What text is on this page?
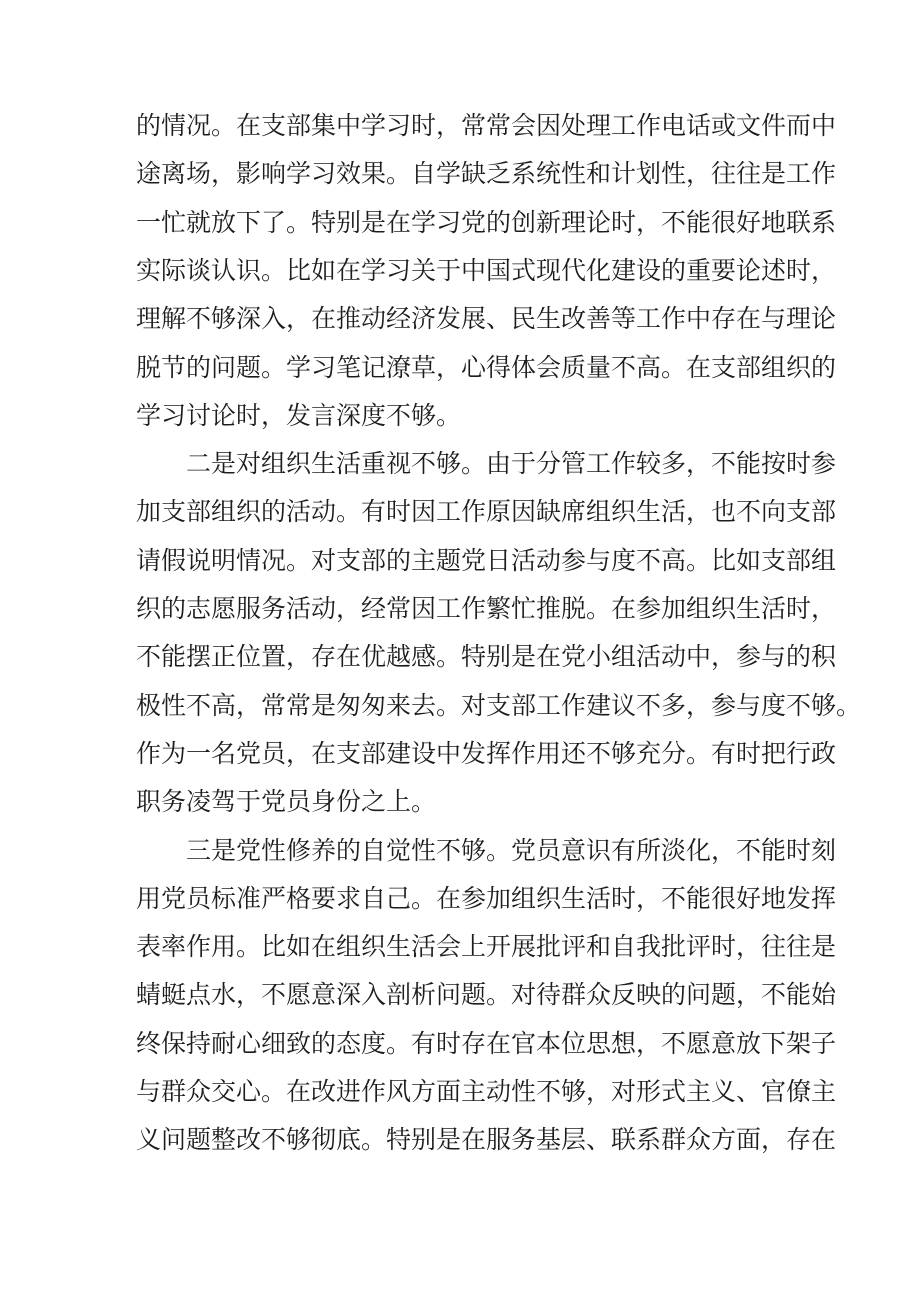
的情况。在支部集中学习时，常常会因处理工作电话或文件而中
途离场，影响学习效果。自学缺乏系统性和计划性，往往是工作
一忙就放下了。特别是在学习党的创新理论时，不能很好地联系
实际谈认识。比如在学习关于中国式现代化建设的重要论述时，
理解不够深入，在推动经济发展、民生改善等工作中存在与理论
脱节的问题。学习笔记潦草，心得体会质量不高。在支部组织的
学习讨论时，发言深度不够。
二是对组织生活重视不够。由于分管工作较多，不能按时参
加支部组织的活动。有时因工作原因缺席组织生活，也不向支部
请假说明情况。对支部的主题党日活动参与度不高。比如支部组
织的志愿服务活动，经常因工作繁忙推脱。在参加组织生活时，
不能摆正位置，存在优越感。特别是在党小组活动中，参与的积
极性不高，常常是匆匆来去。对支部工作建议不多，参与度不够。
作为一名党员，在支部建设中发挥作用还不够充分。有时把行政
职务凌驾于党员身份之上。
三是党性修养的自觉性不够。党员意识有所淡化，不能时刻
用党员标准严格要求自己。在参加组织生活时，不能很好地发挥
表率作用。比如在组织生活会上开展批评和自我批评时，往往是
蜻蜓点水，不愿意深入剖析问题。对待群众反映的问题，不能始
终保持耐心细致的态度。有时存在官本位思想，不愿意放下架子
与群众交心。在改进作风方面主动性不够，对形式主义、官僚主
义问题整改不够彻底。特别是在服务基层、联系群众方面，存在
